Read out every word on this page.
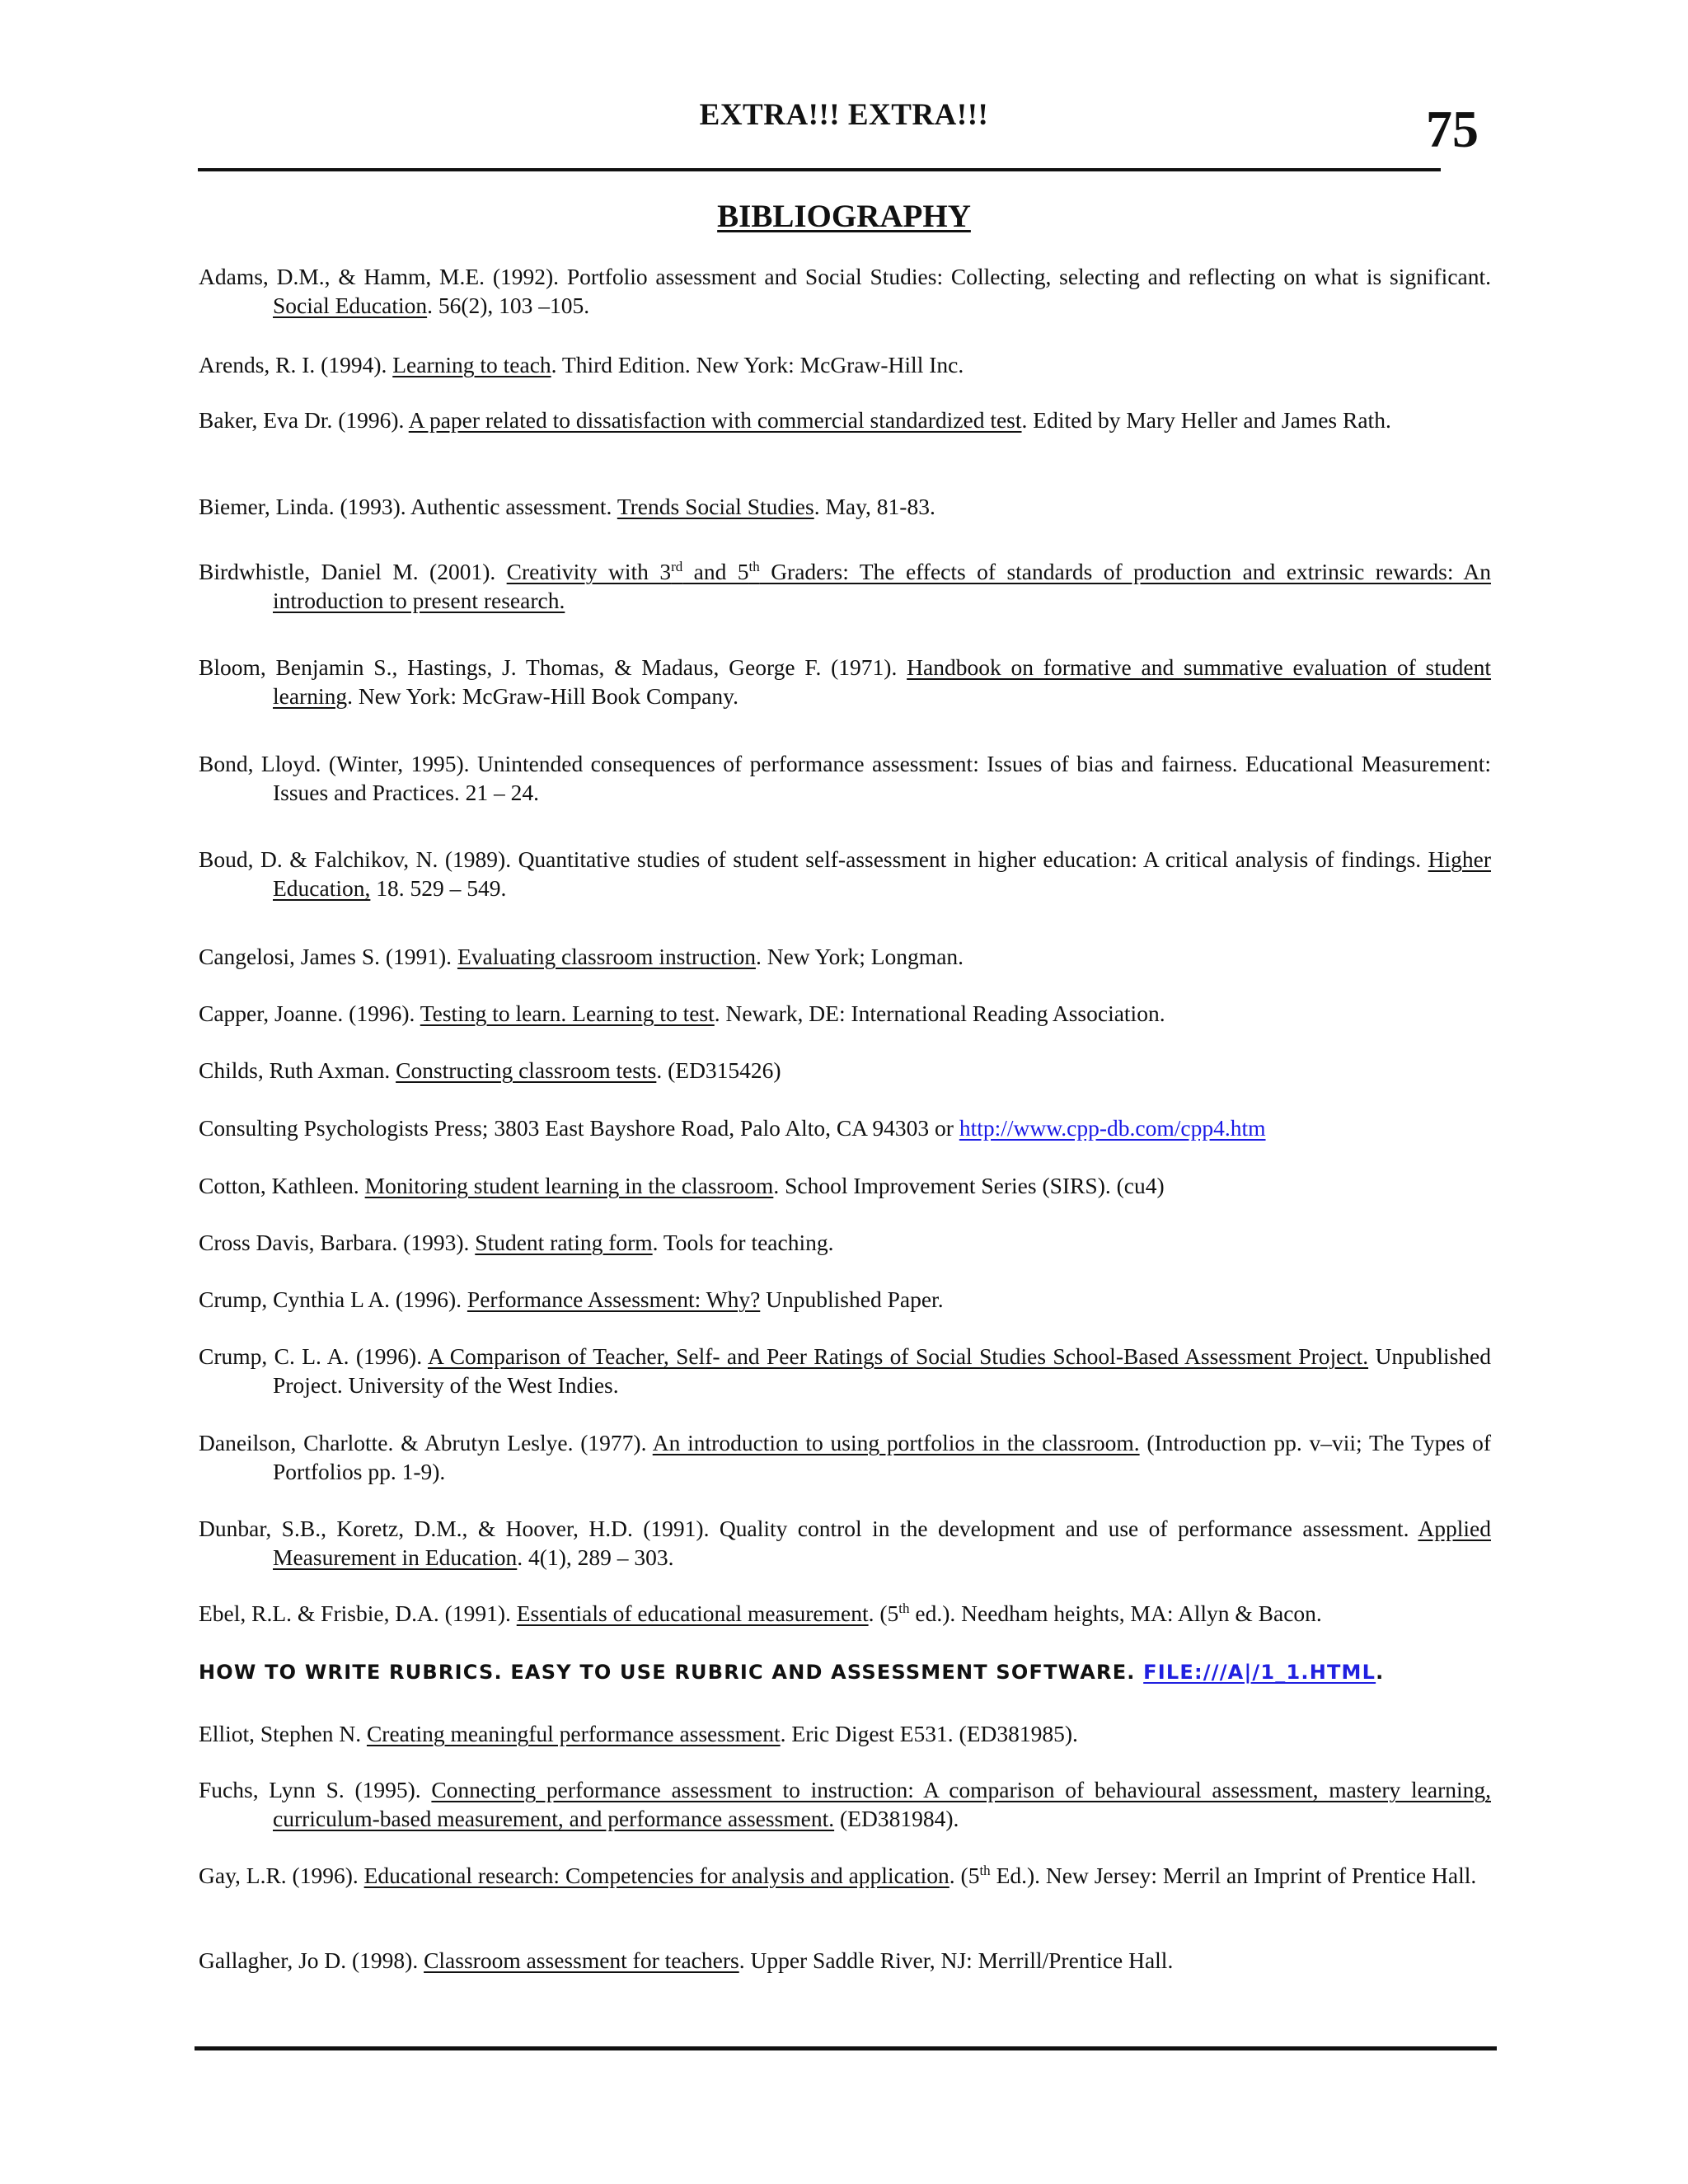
EXTRA!!! EXTRA!!!	75
BIBLIOGRAPHY
Adams, D.M., & Hamm, M.E. (1992). Portfolio assessment and Social Studies: Collecting, selecting and reflecting on what is significant. Social Education. 56(2), 103 –105.
Arends, R. I. (1994). Learning to teach. Third Edition. New York: McGraw-Hill Inc.
Baker, Eva Dr. (1996). A paper related to dissatisfaction with commercial standardized test. Edited by Mary Heller and James Rath.
Biemer, Linda. (1993). Authentic assessment. Trends Social Studies. May, 81-83.
Birdwhistle, Daniel M. (2001). Creativity with 3rd and 5th Graders: The effects of standards of production and extrinsic rewards: An introduction to present research.
Bloom, Benjamin S., Hastings, J. Thomas, & Madaus, George F. (1971). Handbook on formative and summative evaluation of student learning. New York: McGraw-Hill Book Company.
Bond, Lloyd. (Winter, 1995). Unintended consequences of performance assessment: Issues of bias and fairness. Educational Measurement: Issues and Practices. 21 – 24.
Boud, D. & Falchikov, N. (1989). Quantitative studies of student self-assessment in higher education: A critical analysis of findings. Higher Education, 18. 529 – 549.
Cangelosi, James S. (1991). Evaluating classroom instruction. New York; Longman.
Capper, Joanne. (1996). Testing to learn. Learning to test. Newark, DE: International Reading Association.
Childs, Ruth Axman. Constructing classroom tests. (ED315426)
Consulting Psychologists Press; 3803 East Bayshore Road, Palo Alto, CA 94303 or http://www.cpp-db.com/cpp4.htm
Cotton, Kathleen. Monitoring student learning in the classroom. School Improvement Series (SIRS). (cu4)
Cross Davis, Barbara. (1993). Student rating form. Tools for teaching.
Crump, Cynthia L A. (1996). Performance Assessment: Why? Unpublished Paper.
Crump, C. L. A. (1996). A Comparison of Teacher, Self- and Peer Ratings of Social Studies School-Based Assessment Project. Unpublished Project. University of the West Indies.
Daneilson, Charlotte. & Abrutyn Leslye. (1977). An introduction to using portfolios in the classroom. (Introduction pp. v–vii; The Types of Portfolios pp. 1-9).
Dunbar, S.B., Koretz, D.M., & Hoover, H.D. (1991). Quality control in the development and use of performance assessment. Applied Measurement in Education. 4(1), 289 – 303.
Ebel, R.L. & Frisbie, D.A. (1991). Essentials of educational measurement. (5th ed.). Needham heights, MA: Allyn & Bacon.
HOW TO WRITE RUBRICS. EASY TO USE RUBRIC AND ASSESSMENT SOFTWARE. FILE:///A|/1_1.HTML.
Elliot, Stephen N. Creating meaningful performance assessment. Eric Digest E531. (ED381985).
Fuchs, Lynn S. (1995). Connecting performance assessment to instruction: A comparison of behavioural assessment, mastery learning, curriculum-based measurement, and performance assessment. (ED381984).
Gay, L.R. (1996). Educational research: Competencies for analysis and application. (5th Ed.). New Jersey: Merril an Imprint of Prentice Hall.
Gallagher, Jo D. (1998). Classroom assessment for teachers. Upper Saddle River, NJ: Merrill/Prentice Hall.
